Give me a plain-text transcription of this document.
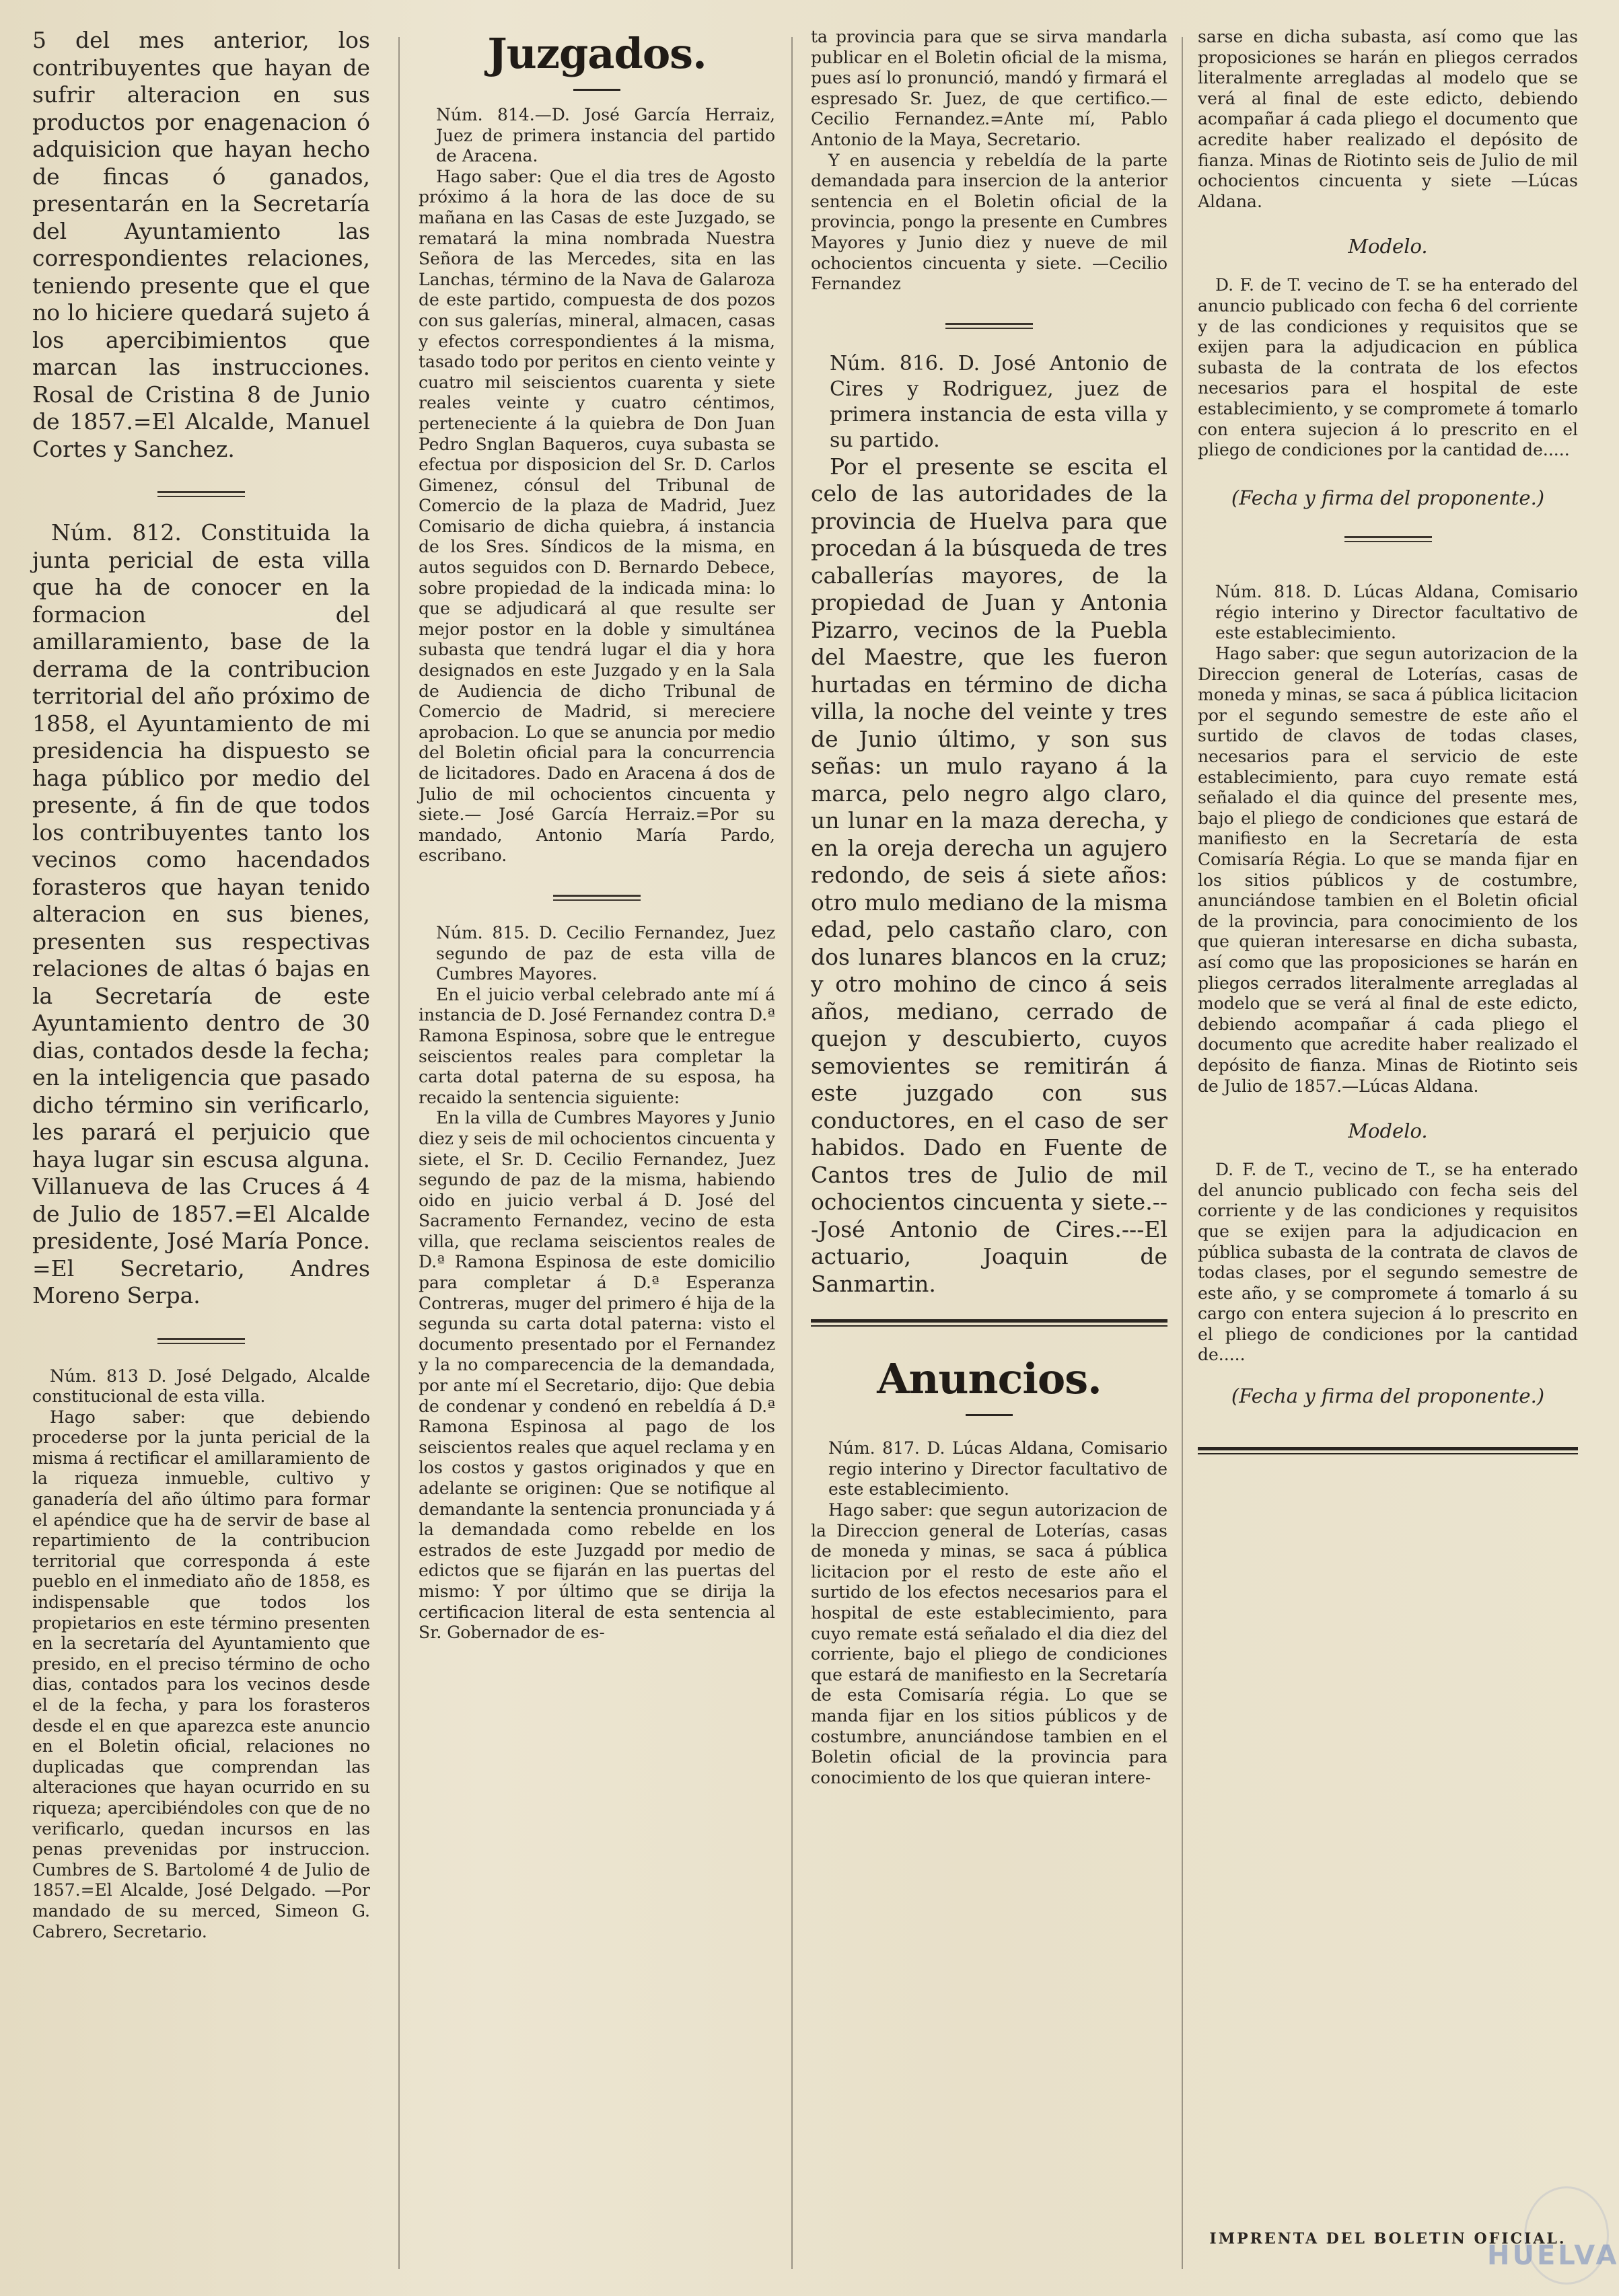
5 del mes anterior, los contribuyentes que hayan de sufrir alteracion en sus productos por enagenacion ó adquisicion que hayan hecho de fincas ó ganados, presentarán en la Secretaría del Ayuntamiento las correspondientes relaciones, teniendo presente que el que no lo hiciere quedará sujeto á los apercibimientos que marcan las instrucciones. Rosal de Cristina 8 de Junio de 1857.=El Alcalde, Manuel Cortes y Sanchez.

Núm. 812. Constituida la junta pericial de esta villa que ha de conocer en la formacion del amillaramiento, base de la derrama de la contribucion territorial del año próximo de 1858, el Ayuntamiento de mi presidencia ha dispuesto se haga público por medio del presente, á fin de que todos los contribuyentes tanto los vecinos como hacendados forasteros que hayan tenido alteracion en sus bienes, presenten sus respectivas relaciones de altas ó bajas en la Secretaría de este Ayuntamiento dentro de 30 dias, contados desde la fecha; en la inteligencia que pasado dicho término sin verificarlo, les parará el perjuicio que haya lugar sin escusa alguna. Villanueva de las Cruces á 4 de Julio de 1857.=El Alcalde presidente, José María Ponce. =El Secretario, Andres Moreno Serpa.

Núm. 813 D. José Delgado, Alcalde constitucional de esta villa.

Hago saber: que debiendo procederse por la junta pericial de la misma á rectificar el amillaramiento de la riqueza inmueble, cultivo y ganadería del año último para formar el apéndice que ha de servir de base al repartimiento de la contribucion territorial que corresponda á este pueblo en el inmediato año de 1858, es indispensable que todos los propietarios en este término presenten en la secretaría del Ayuntamiento que presido, en el preciso término de ocho dias, contados para los vecinos desde el de la fecha, y para los forasteros desde el en que aparezca este anuncio en el Boletin oficial, relaciones no duplicadas que comprendan las alteraciones que hayan ocurrido en su riqueza; apercibiéndoles con que de no verificarlo, quedan incursos en las penas prevenidas por instruccion. Cumbres de S. Bartolomé 4 de Julio de 1857.=El Alcalde, José Delgado. —Por mandado de su merced, Simeon G. Cabrero, Secretario.

Juzgados.

Núm. 814.—D. José García Herraiz, Juez de primera instancia del partido de Aracena.

Hago saber: Que el dia tres de Agosto próximo á la hora de las doce de su mañana en las Casas de este Juzgado, se rematará la mina nombrada Nuestra Señora de las Mercedes, sita en las Lanchas, término de la Nava de Galaroza de este partido, compuesta de dos pozos con sus galerías, mineral, almacen, casas y efectos correspondientes á la misma, tasado todo por peritos en ciento veinte y cuatro mil seiscientos cuarenta y siete reales veinte y cuatro céntimos, perteneciente á la quiebra de Don Juan Pedro Snglan Baqueros, cuya subasta se efectua por disposicion del Sr. D. Carlos Gimenez, cónsul del Tribunal de Comercio de la plaza de Madrid, Juez Comisario de dicha quiebra, á instancia de los Sres. Síndicos de la misma, en autos seguidos con D. Bernardo Debece, sobre propiedad de la indicada mina: lo que se adjudicará al que resulte ser mejor postor en la doble y simultánea subasta que tendrá lugar el dia y hora designados en este Juzgado y en la Sala de Audiencia de dicho Tribunal de Comercio de Madrid, si mereciere aprobacion. Lo que se anuncia por medio del Boletin oficial para la concurrencia de licitadores. Dado en Aracena á dos de Julio de mil ochocientos cincuenta y siete.— José García Herraiz.=Por su mandado, Antonio María Pardo, escribano.

Núm. 815. D. Cecilio Fernandez, Juez segundo de paz de esta villa de Cumbres Mayores.

En el juicio verbal celebrado ante mí á instancia de D. José Fernandez contra D.ª Ramona Espinosa, sobre que le entregue seiscientos reales para completar la carta dotal paterna de su esposa, ha recaido la sentencia siguiente:

En la villa de Cumbres Mayores y Junio diez y seis de mil ochocientos cincuenta y siete, el Sr. D. Cecilio Fernandez, Juez segundo de paz de la misma, habiendo oido en juicio verbal á D. José del Sacramento Fernandez, vecino de esta villa, que reclama seiscientos reales de D.ª Ramona Espinosa de este domicilio para completar á D.ª Esperanza Contreras, muger del primero é hija de la segunda su carta dotal paterna: visto el documento presentado por el Fernandez y la no comparecencia de la demandada, por ante mí el Secretario, dijo: Que debia de condenar y condenó en rebeldía á D.ª Ramona Espinosa al pago de los seiscientos reales que aquel reclama y en los costos y gastos originados y que en adelante se originen: Que se notifique al demandante la sentencia pronunciada y á la demandada como rebelde en los estrados de este Juzgadd por medio de edictos que se fijarán en las puertas del mismo: Y por último que se dirija la certificacion literal de esta sentencia al Sr. Gobernador de es-

ta provincia para que se sirva mandarla publicar en el Boletin oficial de la misma, pues así lo pronunció, mandó y firmará el espresado Sr. Juez, de que certifico.— Cecilio Fernandez.=Ante mí, Pablo Antonio de la Maya, Secretario.

Y en ausencia y rebeldía de la parte demandada para insercion de la anterior sentencia en el Boletin oficial de la provincia, pongo la presente en Cumbres Mayores y Junio diez y nueve de mil ochocientos cincuenta y siete. —Cecilio Fernandez

Núm. 816. D. José Antonio de Cires y Rodriguez, juez de primera instancia de esta villa y su partido.

Por el presente se escita el celo de las autoridades de la provincia de Huelva para que procedan á la búsqueda de tres caballerías mayores, de la propiedad de Juan y Antonia Pizarro, vecinos de la Puebla del Maestre, que les fueron hurtadas en término de dicha villa, la noche del veinte y tres de Junio último, y son sus señas: un mulo rayano á la marca, pelo negro algo claro, un lunar en la maza derecha, y en la oreja derecha un agujero redondo, de seis á siete años: otro mulo mediano de la misma edad, pelo castaño claro, con dos lunares blancos en la cruz; y otro mohino de cinco á seis años, mediano, cerrado de quejon y descubierto, cuyos semovientes se remitirán á este juzgado con sus conductores, en el caso de ser habidos. Dado en Fuente de Cantos tres de Julio de mil ochocientos cincuenta y siete.---José Antonio de Cires.---El actuario, Joaquin de Sanmartin.

Anuncios.

Núm. 817. D. Lúcas Aldana, Comisario regio interino y Director facultativo de este establecimiento.

Hago saber: que segun autorizacion de la Direccion general de Loterías, casas de moneda y minas, se saca á pública licitacion por el resto de este año el surtido de los efectos necesarios para el hospital de este establecimiento, para cuyo remate está señalado el dia diez del corriente, bajo el pliego de condiciones que estará de manifiesto en la Secretaría de esta Comisaría régia. Lo que se manda fijar en los sitios públicos y de costumbre, anunciándose tambien en el Boletin oficial de la provincia para conocimiento de los que quieran intere-

sarse en dicha subasta, así como que las proposiciones se harán en pliegos cerrados literalmente arregladas al modelo que se verá al final de este edicto, debiendo acompañar á cada pliego el documento que acredite haber realizado el depósito de fianza. Minas de Riotinto seis de Julio de mil ochocientos cincuenta y siete —Lúcas Aldana.

Modelo.

D. F. de T. vecino de T. se ha enterado del anuncio publicado con fecha 6 del corriente y de las condiciones y requisitos que se exijen para la adjudicacion en pública subasta de la contrata de los efectos necesarios para el hospital de este establecimiento, y se compromete á tomarlo con entera sujecion á lo prescrito en el pliego de condiciones por la cantidad de.....

(Fecha y firma del proponente.)

Núm. 818. D. Lúcas Aldana, Comisario régio interino y Director facultativo de este establecimiento.

Hago saber: que segun autorizacion de la Direccion general de Loterías, casas de moneda y minas, se saca á pública licitacion por el segundo semestre de este año el surtido de clavos de todas clases, necesarios para el servicio de este establecimiento, para cuyo remate está señalado el dia quince del presente mes, bajo el pliego de condiciones que estará de manifiesto en la Secretaría de esta Comisaría Régia. Lo que se manda fijar en los sitios públicos y de costumbre, anunciándose tambien en el Boletin oficial de la provincia, para conocimiento de los que quieran interesarse en dicha subasta, así como que las proposiciones se harán en pliegos cerrados literalmente arregladas al modelo que se verá al final de este edicto, debiendo acompañar á cada pliego el documento que acredite haber realizado el depósito de fianza. Minas de Riotinto seis de Julio de 1857.—Lúcas Aldana.

Modelo.

D. F. de T., vecino de T., se ha enterado del anuncio publicado con fecha seis del corriente y de las condiciones y requisitos que se exijen para la adjudicacion en pública subasta de la contrata de clavos de todas clases, por el segundo semestre de este año, y se compromete á tomarlo á su cargo con entera sujecion á lo prescrito en el pliego de condiciones por la cantidad de.....

(Fecha y firma del proponente.)

IMPRENTA DEL BOLETIN OFICIAL.
HUELVA
